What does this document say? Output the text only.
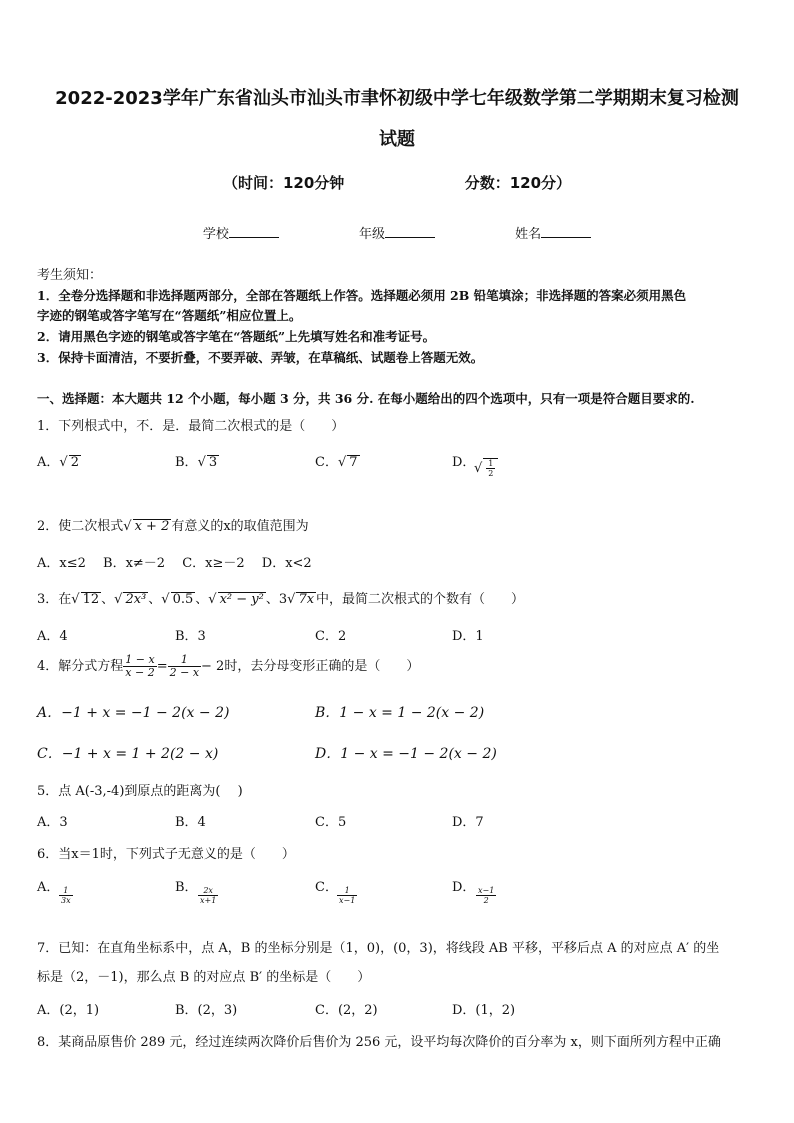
2022-2023学年广东省汕头市汕头市聿怀初级中学七年级数学第二学期期末复习检测
试题
（时间：120分钟	分数：120分）
学校	年级	姓名
考生须知：
1．全卷分选择题和非选择题两部分，全部在答题纸上作答。选择题必须用 2B 铅笔填涂；非选择题的答案必须用黑色
字迹的钢笔或答字笔写在“答题纸”相应位置上。
2．请用黑色字迹的钢笔或答字笔在“答题纸”上先填写姓名和准考证号。
3．保持卡面清洁，不要折叠，不要弄破、弄皱，在草稿纸、试题卷上答题无效。
一、选择题：本大题共 12 个小题，每小题 3 分，共 36 分. 在每小题给出的四个选项中，只有一项是符合题目要求的.
1．下列根式中，不．是．最简二次根式的是（　　）
A．√ 2	B．√ 3	C．√ 7	D．
√ $\frac{1}{2}$
2．使二次根式√ x + 2 有意义的x的取值范围为
A．x≤2　 B．x≠－2　 C．x≥－2　 D．x<2
3．在√ 12 、√ 2x³ 、√ 0.5 、√ x² − y² 、3√ 7x 中，最简二次根式的个数有（　　）
A．4	B．3	C．2	D．1
4．解分式方程 $\frac{1 - x}{x - 2} = \frac{1}{2 - x} - 2$时，去分母变形正确的是（　　）
A．−1 + x = −1 − 2(x − 2)	B．1 − x = 1 − 2(x − 2)
C．−1 + x = 1 + 2(2 − x)	D．1 − x = −1 − 2(x − 2)
5．点 A(-3,-4)到原点的距离为(　 )
A．3	B．4	C．5	D．7
6．当x＝1时，下列式子无意义的是（　　）
A． $\frac{1}{3x}$	B． $\frac{2x}{x+1}$	C． $\frac{1}{x-1}$	D． $\frac{x-1}{2}$
7．已知：在直角坐标系中，点 A，B 的坐标分别是（1，0)，(0，3)，将线段 AB 平移，平移后点 A 的对应点 A′ 的坐
标是（2，－1)，那么点 B 的对应点 B′ 的坐标是（　　）
A．(2，1)	B．(2，3)	C．(2，2)	D．(1，2)
8．某商品原售价 289 元，经过连续两次降价后售价为 256 元，设平均每次降价的百分率为 x，则下面所列方程中正确
